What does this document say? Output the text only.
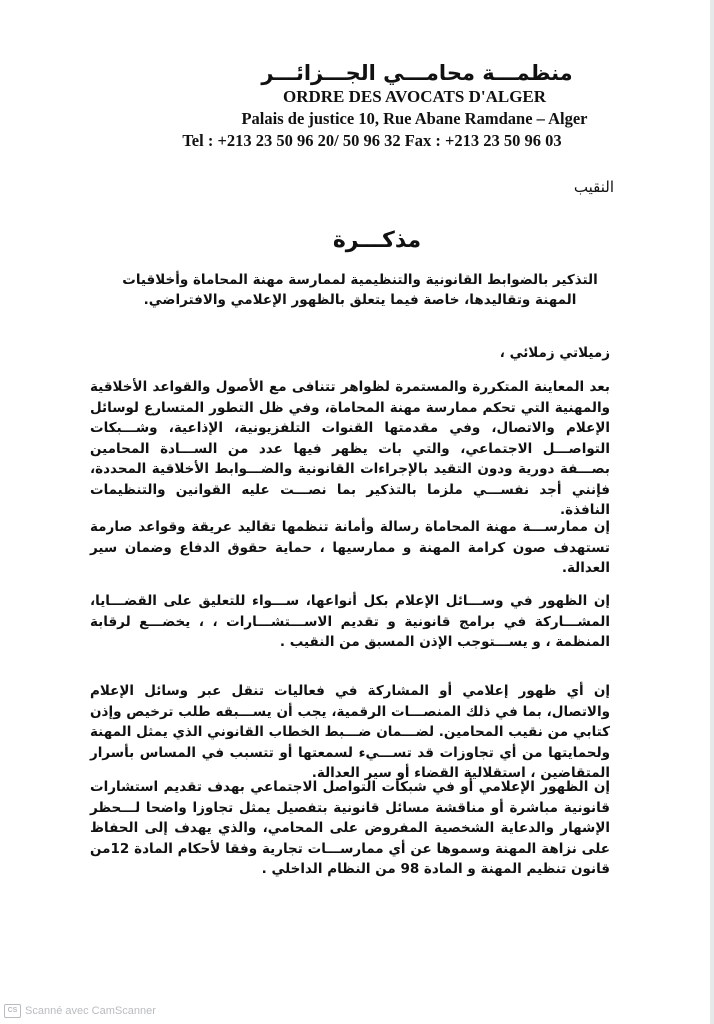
منظمـــة محامـــي الجـــزائـــر
ORDRE DES AVOCATS D'ALGER
Palais de justice 10, Rue Abane Ramdane – Alger
Tel : +213 23 50 96 20/ 50 96 32 Fax : +213 23 50 96 03
النقيب
مذكـــرة
التذكير بالضوابط القانونية والتنظيمية لممارسة مهنة المحاماة وأخلاقيات المهنة وتقاليدها، خاصة فيما يتعلق بالظهور الإعلامي والافتراضي.
زميلاتي زملائي ،
بعد المعاينة المتكررة والمستمرة لظواهر تتنافى مع الأصول والقواعد الأخلاقية والمهنية التي تحكم ممارسة مهنة المحاماة، وفي ظل التطور المتسارع لوسائل الإعلام والاتصال، وفي مقدمتها القنوات التلفزيونية، الإذاعية، وشـــبكات التواصـــل الاجتماعي، والتي بات يظهر فيها عدد من الســـادة المحامين بصـــفة دورية ودون التقيد بالإجراءات القانونية والضـــوابط الأخلاقية المحددة، فإنني أجد نفســـي ملزما بالتذكير بما نصـــت عليه القوانين والتنظيمات النافذة.
إن ممارســـة مهنة المحاماة رسالة وأمانة تنظمها تقاليد عريقة وقواعد صارمة تستهدف صون كرامة المهنة و ممارسيها ، حماية حقوق الدفاع وضمان سير العدالة.
إن الظهور في وســـائل الإعلام بكل أنواعها، ســـواء للتعليق على القضـــايا، المشـــاركة في برامج قانونية و تقديم الاســـتشـــارات ، ، يخضـــع لرقابة المنظمة ، و يســـتوجب الإذن المسبق من النقيب .
إن أي ظهور إعلامي أو المشاركة في فعاليات تنقل عبر وسائل الإعلام والاتصال، بما في ذلك المنصـــات الرقمية، يجب أن يســـبقه طلب ترخيص وإذن كتابي من نقيب المحامين. لضـــمان ضـــبط الخطاب القانوني الذي يمثل المهنة ولحمايتها من أي تجاوزات قد تســـيء لسمعتها أو تتسبب في المساس بأسرار المتقاضين ، استقلالية القضاء أو سير العدالة.
إن الظهور الإعلامي أو في شبكات التواصل الاجتماعي بهدف تقديم استشارات قانونية مباشرة أو مناقشة مسائل قانونية بتفصيل يمثل تجاوزا واضحا لـــحظر الإشهار والدعاية الشخصية المفروض على المحامي، والذي يهدف إلى الحفاظ على نزاهة المهنة وسموها عن أي ممارســـات تجارية وفقا لأحكام المادة 12من قانون تنظيم المهنة و المادة 98 من النظام الداخلي .
CS Scanné avec CamScanner
